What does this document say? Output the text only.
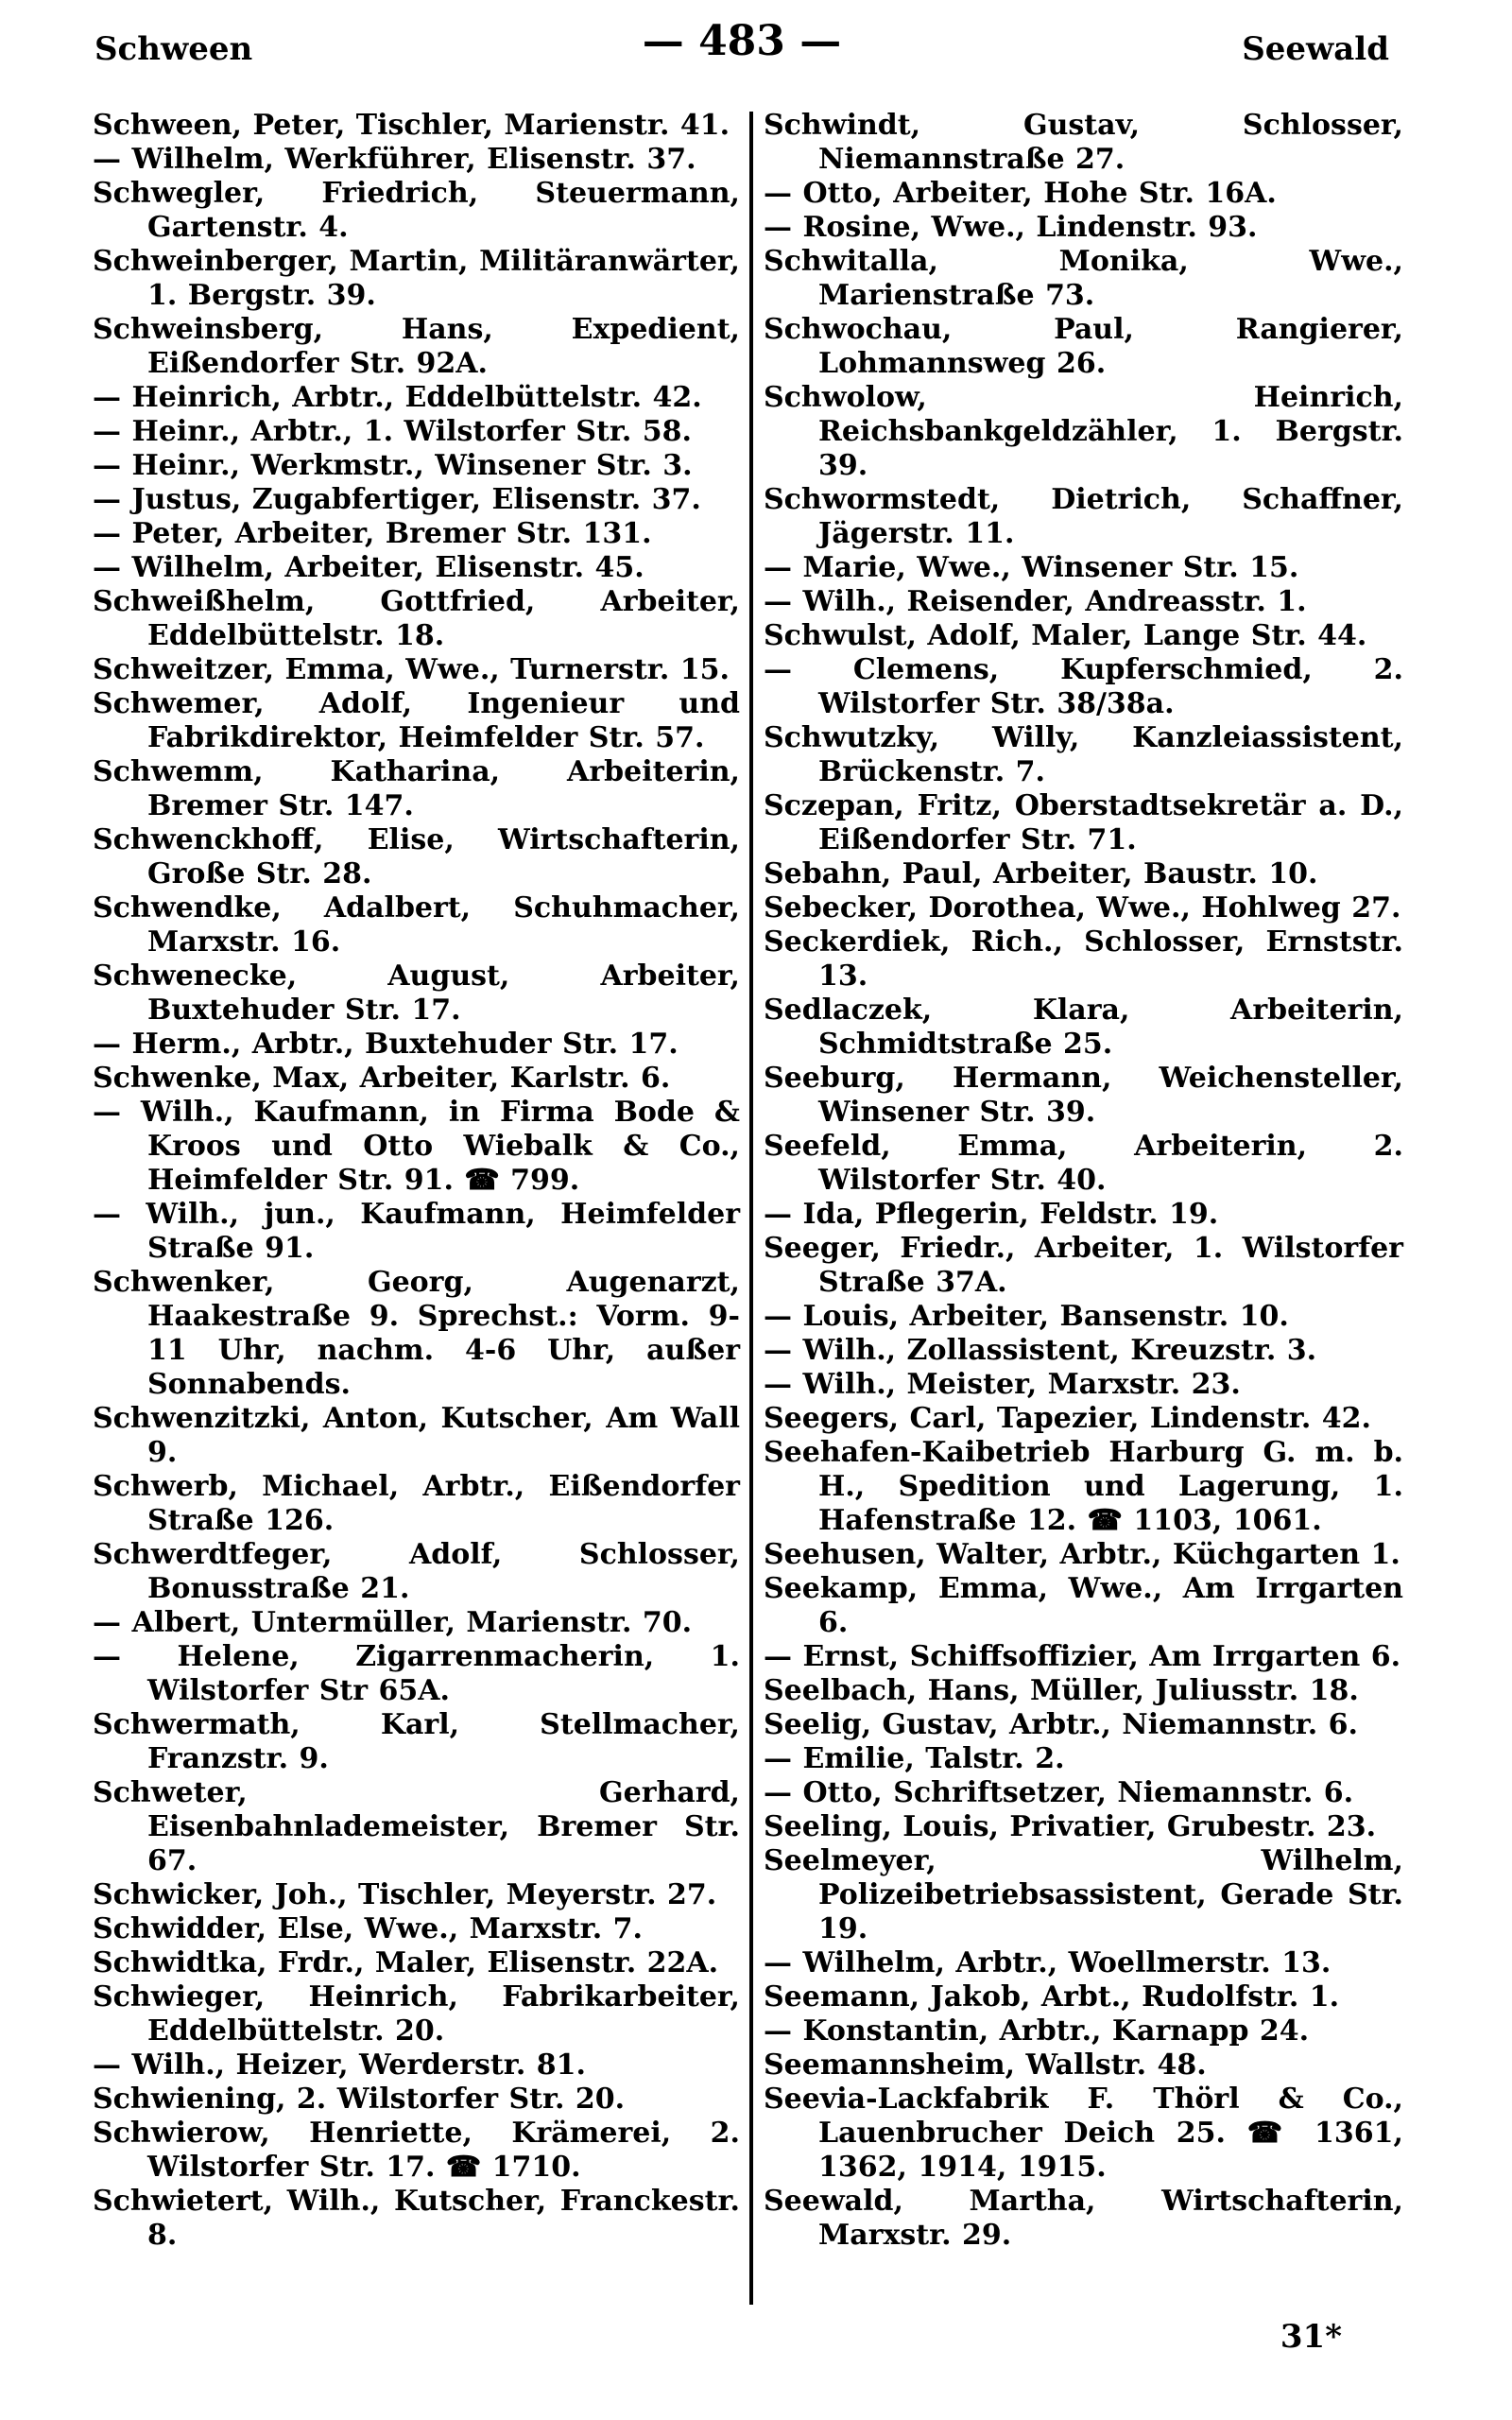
Schween	— 483 —	Seewald

Schween, Peter, Tischler, Marienstr. 41.

— Wilhelm, Werkführer, Elisenstr. 37.

Schwegler, Friedrich, Steuermann, Gartenstr. 4.

Schweinberger, Martin, Militäranwärter, 1. Bergstr. 39.

Schweinsberg, Hans, Expedient, Eißendorfer Str. 92A.

— Heinrich, Arbtr., Eddelbüttelstr. 42.

— Heinr., Arbtr., 1. Wilstorfer Str. 58.

— Heinr., Werkmstr., Winsener Str. 3.

— Justus, Zugabfertiger, Elisenstr. 37.

— Peter, Arbeiter, Bremer Str. 131.

— Wilhelm, Arbeiter, Elisenstr. 45.

Schweißhelm, Gottfried, Arbeiter, Eddelbüttelstr. 18.

Schweitzer, Emma, Wwe., Turnerstr. 15.

Schwemer, Adolf, Ingenieur und Fabrikdirektor, Heimfelder Str. 57.

Schwemm, Katharina, Arbeiterin, Bremer Str. 147.

Schwenckhoff, Elise, Wirtschafterin, Große Str. 28.

Schwendke, Adalbert, Schuhmacher, Marxstr. 16.

Schwenecke, August, Arbeiter, Buxtehuder Str. 17.

— Herm., Arbtr., Buxtehuder Str. 17.

Schwenke, Max, Arbeiter, Karlstr. 6.

— Wilh., Kaufmann, in Firma Bode & Kroos und Otto Wiebalk & Co., Heimfelder Str. 91. ☎ 799.

— Wilh., jun., Kaufmann, Heimfelder Straße 91.

Schwenker, Georg, Augenarzt, Haakestraße 9. Sprechst.: Vorm. 9-11 Uhr, nachm. 4-6 Uhr, außer Sonnabends.

Schwenzitzki, Anton, Kutscher, Am Wall 9.

Schwerb, Michael, Arbtr., Eißendorfer Straße 126.

Schwerdtfeger, Adolf, Schlosser, Bonusstraße 21.

— Albert, Untermüller, Marienstr. 70.

— Helene, Zigarrenmacherin, 1. Wilstorfer Str 65A.

Schwermath, Karl, Stellmacher, Franzstr. 9.

Schweter, Gerhard, Eisenbahnlademeister, Bremer Str. 67.

Schwicker, Joh., Tischler, Meyerstr. 27.

Schwidder, Else, Wwe., Marxstr. 7.

Schwidtka, Frdr., Maler, Elisenstr. 22A.

Schwieger, Heinrich, Fabrikarbeiter, Eddelbüttelstr. 20.

— Wilh., Heizer, Werderstr. 81.

Schwiening, 2. Wilstorfer Str. 20.

Schwierow, Henriette, Krämerei, 2. Wilstorfer Str. 17. ☎ 1710.

Schwietert, Wilh., Kutscher, Franckestr. 8.

Schwindt, Gustav, Schlosser, Niemannstraße 27.

— Otto, Arbeiter, Hohe Str. 16A.

— Rosine, Wwe., Lindenstr. 93.

Schwitalla, Monika, Wwe., Marienstraße 73.

Schwochau, Paul, Rangierer, Lohmannsweg 26.

Schwolow, Heinrich, Reichsbankgeldzähler, 1. Bergstr. 39.

Schwormstedt, Dietrich, Schaffner, Jägerstr. 11.

— Marie, Wwe., Winsener Str. 15.

— Wilh., Reisender, Andreasstr. 1.

Schwulst, Adolf, Maler, Lange Str. 44.

— Clemens, Kupferschmied, 2. Wilstorfer Str. 38/38a.

Schwutzky, Willy, Kanzleiassistent, Brückenstr. 7.

Sczepan, Fritz, Oberstadtsekretär a. D., Eißendorfer Str. 71.

Sebahn, Paul, Arbeiter, Baustr. 10.

Sebecker, Dorothea, Wwe., Hohlweg 27.

Seckerdiek, Rich., Schlosser, Ernststr. 13.

Sedlaczek, Klara, Arbeiterin, Schmidtstraße 25.

Seeburg, Hermann, Weichensteller, Winsener Str. 39.

Seefeld, Emma, Arbeiterin, 2. Wilstorfer Str. 40.

— Ida, Pflegerin, Feldstr. 19.

Seeger, Friedr., Arbeiter, 1. Wilstorfer Straße 37A.

— Louis, Arbeiter, Bansenstr. 10.

— Wilh., Zollassistent, Kreuzstr. 3.

— Wilh., Meister, Marxstr. 23.

Seegers, Carl, Tapezier, Lindenstr. 42.

Seehafen-Kaibetrieb Harburg G. m. b. H., Spedition und Lagerung, 1. Hafenstraße 12. ☎ 1103, 1061.

Seehusen, Walter, Arbtr., Küchgarten 1.

Seekamp, Emma, Wwe., Am Irrgarten 6.

— Ernst, Schiffsoffizier, Am Irrgarten 6.

Seelbach, Hans, Müller, Juliusstr. 18.

Seelig, Gustav, Arbtr., Niemannstr. 6.

— Emilie, Talstr. 2.

— Otto, Schriftsetzer, Niemannstr. 6.

Seeling, Louis, Privatier, Grubestr. 23.

Seelmeyer, Wilhelm, Polizeibetriebsassistent, Gerade Str. 19.

— Wilhelm, Arbtr., Woellmerstr. 13.

Seemann, Jakob, Arbt., Rudolfstr. 1.

— Konstantin, Arbtr., Karnapp 24.

Seemannsheim, Wallstr. 48.

Seevia-Lackfabrik F. Thörl & Co., Lauenbrucher Deich 25. ☎ 1361, 1362, 1914, 1915.

Seewald, Martha, Wirtschafterin, Marxstr. 29.

31*
